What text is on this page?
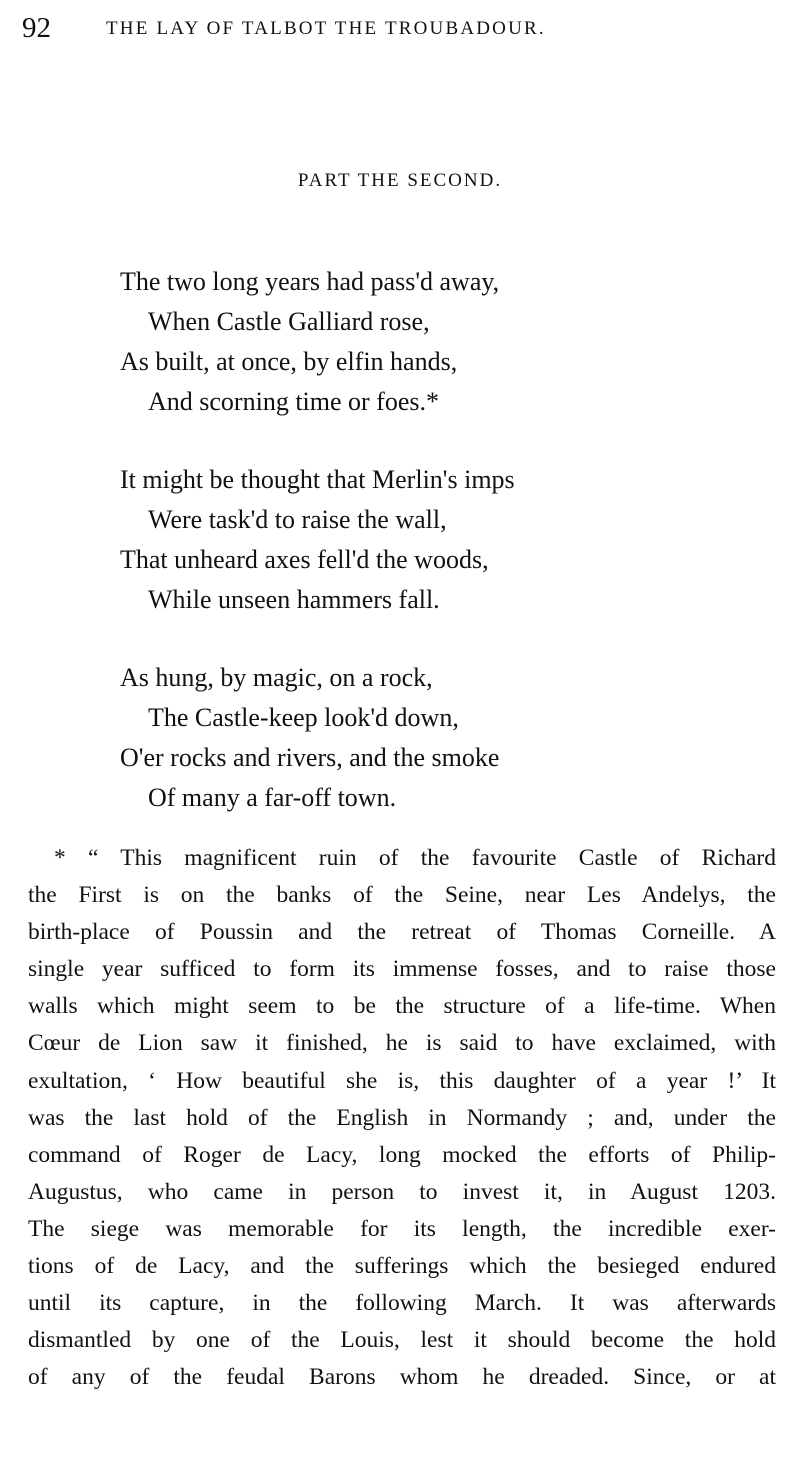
92	THE LAY OF TALBOT THE TROUBADOUR.
PART THE SECOND.
The two long years had pass'd away,
When Castle Galliard rose,
As built, at once, by elfin hands,
And scorning time or foes.*
It might be thought that Merlin's imps
Were task'd to raise the wall,
That unheard axes fell'd the woods,
While unseen hammers fall.
As hung, by magic, on a rock,
The Castle-keep look'd down,
O'er rocks and rivers, and the smoke
Of many a far-off town.
* “ This magnificent ruin of the favourite Castle of Richard
the First is on the banks of the Seine, near Les Andelys, the
birth-place of Poussin and the retreat of Thomas Corneille. A
single year sufficed to form its immense fosses, and to raise those
walls which might seem to be the structure of a life-time. When
Cœur de Lion saw it finished, he is said to have exclaimed, with
exultation, ‘ How beautiful she is, this daughter of a year !’ It
was the last hold of the English in Normandy ; and, under the
command of Roger de Lacy, long mocked the efforts of Philip-
Augustus, who came in person to invest it, in August 1203.
The siege was memorable for its length, the incredible exer-
tions of de Lacy, and the sufferings which the besieged endured
until its capture, in the following March. It was afterwards
dismantled by one of the Louis, lest it should become the hold
of any of the feudal Barons whom he dreaded. Since, or at
